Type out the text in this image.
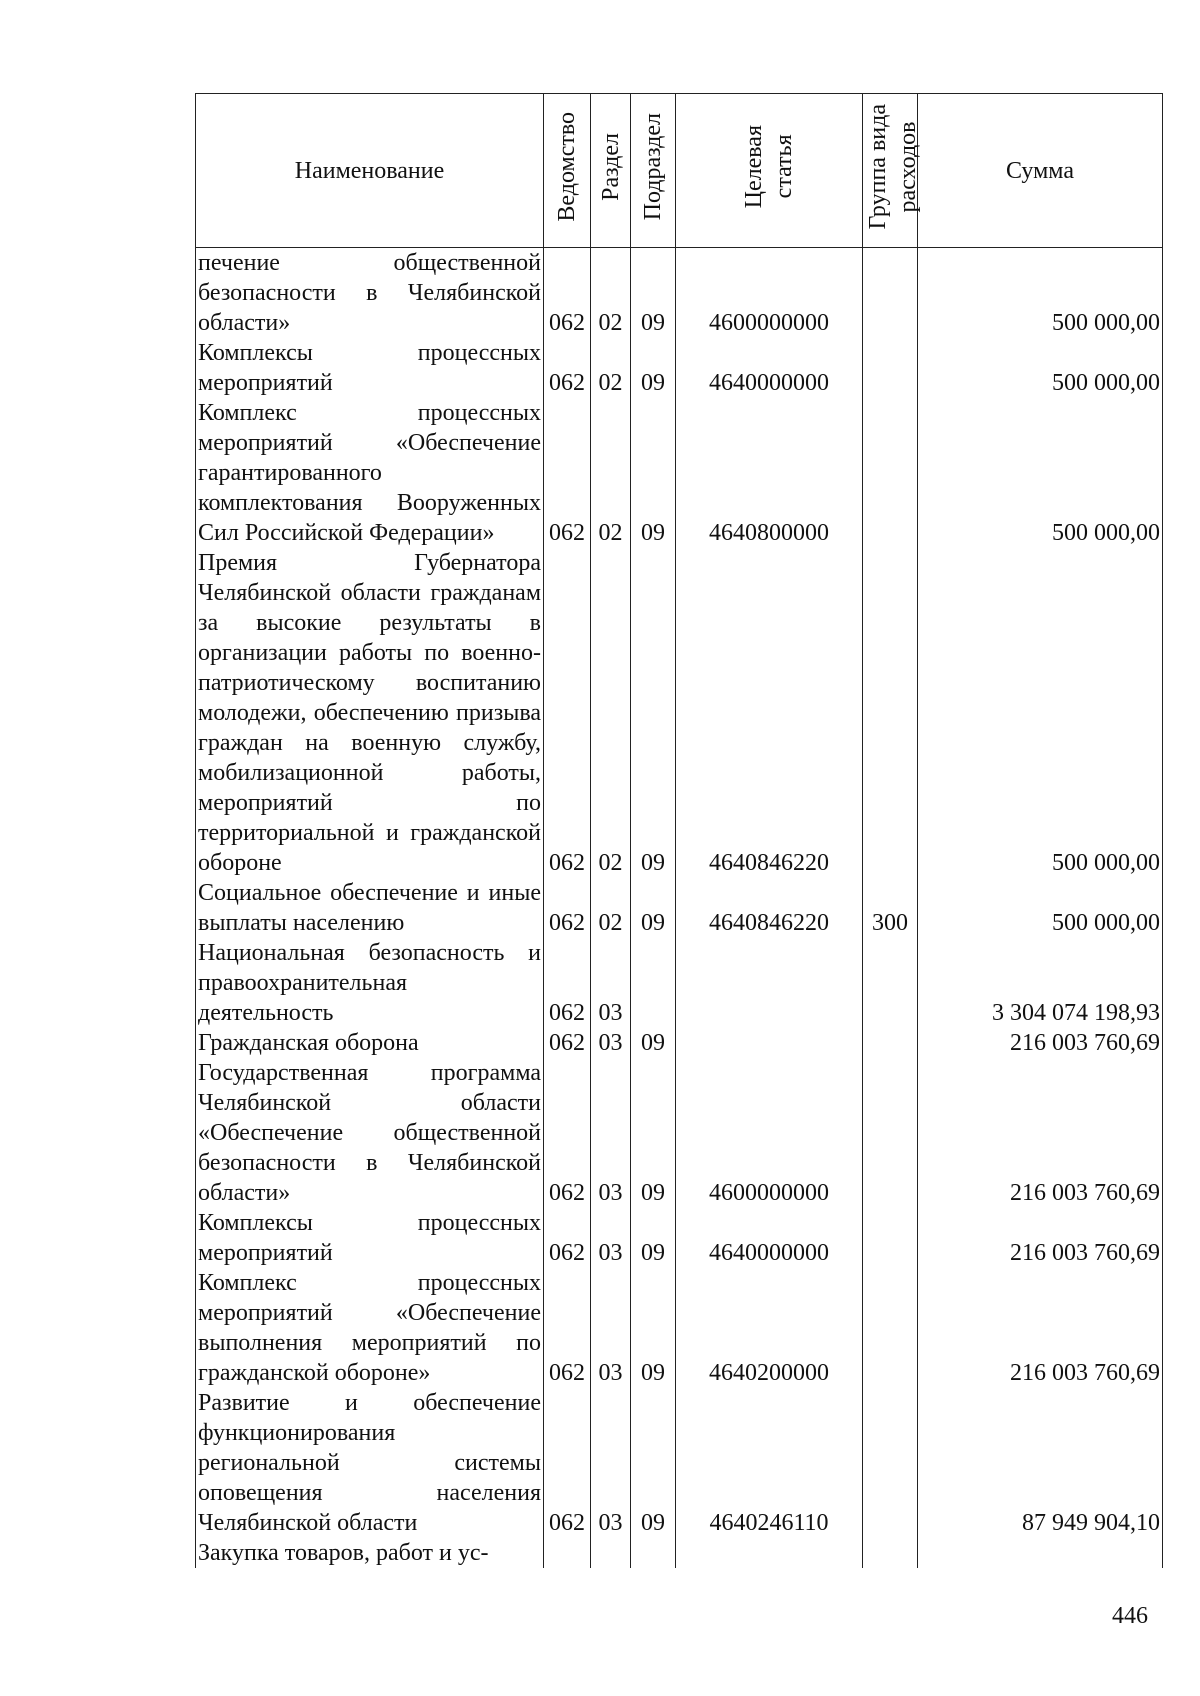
Наименование	Ведомство	Раздел	Подраздел	Целевая статья	Группа вида расходов	Сумма
печение общественной безопасности в Челябинской области»	062	02	09	4600000000		500 000,00
Комплексы процессных мероприятий	062	02	09	4640000000		500 000,00
Комплекс процессных мероприятий «Обеспечение гарантированного комплектования Вооруженных Сил Российской Федерации»	062	02	09	4640800000		500 000,00
Премия Губернатора Челябинской области гражданам за высокие результаты в организации работы по военно-патриотическому воспитанию молодежи, обеспечению призыва граждан на военную службу, мобилизационной работы, мероприятий по территориальной и гражданской обороне	062	02	09	4640846220		500 000,00
Социальное обеспечение и иные выплаты населению	062	02	09	4640846220	300	500 000,00
Национальная безопасность и правоохранительная деятельность	062	03				3 304 074 198,93
Гражданская оборона	062	03	09			216 003 760,69
Государственная программа Челябинской области «Обеспечение общественной безопасности в Челябинской области»	062	03	09	4600000000		216 003 760,69
Комплексы процессных мероприятий	062	03	09	4640000000		216 003 760,69
Комплекс процессных мероприятий «Обеспечение выполнения мероприятий по гражданской обороне»	062	03	09	4640200000		216 003 760,69
Развитие и обеспечение функционирования региональной системы оповещения населения Челябинской области	062	03	09	4640246110		87 949 904,10
Закупка товаров, работ и ус-						
446
